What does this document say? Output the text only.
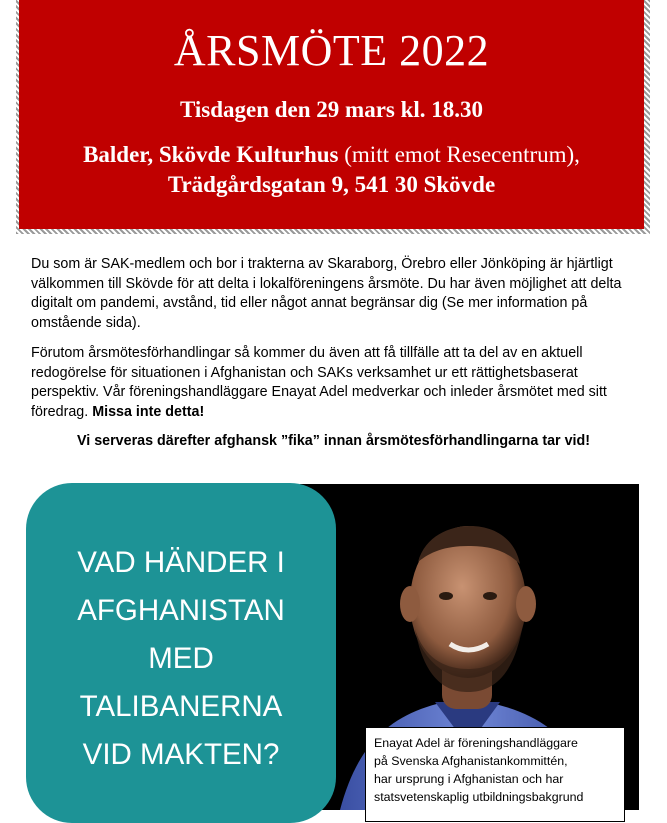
ÅRSMÖTE 2022
Tisdagen den 29 mars kl. 18.30
Balder, Skövde Kulturhus (mitt emot Resecentrum),
Trädgårdsgatan 9, 541 30 Skövde

Du som är SAK-medlem och bor i trakterna av Skaraborg, Örebro eller Jönköping är hjärtligt välkommen till Skövde för att delta i lokalföreningens årsmöte. Du har även möjlighet att delta digitalt om pandemi, avstånd, tid eller något annat begränsar dig (Se mer information på omstående sida).

Förutom årsmötesförhandlingar så kommer du även att få tillfälle att ta del av en aktuell redogörelse för situationen i Afghanistan och SAKs verksamhet ur ett rättighetsbaserat perspektiv. Vår föreningshandläggare Enayat Adel medverkar och inleder årsmötet med sitt föredrag. Missa inte detta!

Vi serveras därefter afghansk ”fika” innan årsmötesförhandlingarna tar vid!

VAD HÄNDER I
AFGHANISTAN
MED
TALIBANERNA
VID MAKTEN?	Enayat Adel är föreningshandläggare
på Svenska Afghanistankommittén,
har ursprung i Afghanistan och har
statsvetenskaplig utbildningsbakgrund
